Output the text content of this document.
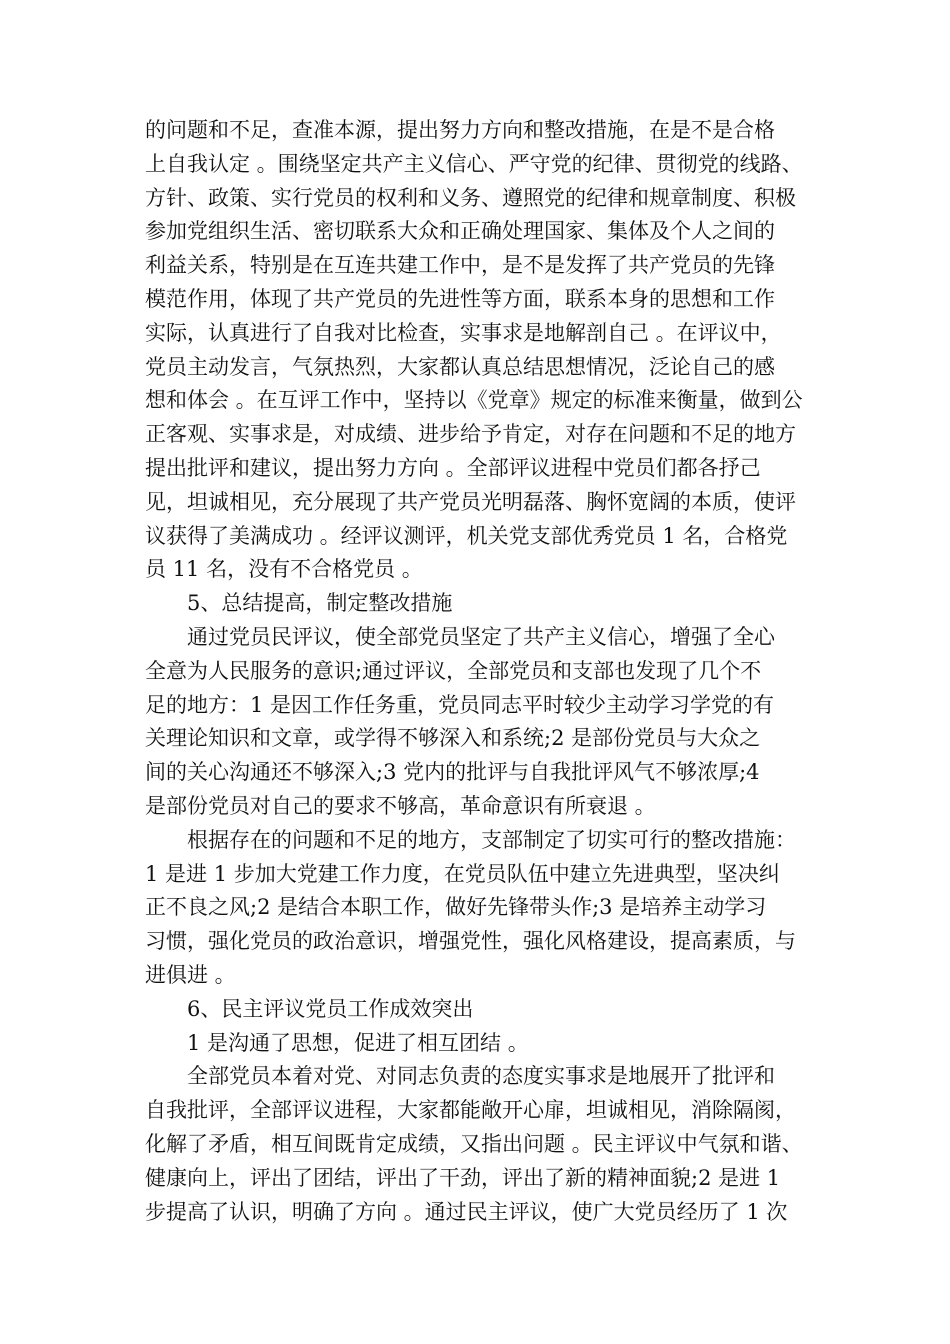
的问题和不足，查准本源，提出努力方向和整改措施，在是不是合格
上自我认定 。围绕坚定共产主义信心、严守党的纪律、贯彻党的线路、
方针、政策、实行党员的权利和义务、遵照党的纪律和规章制度、积极
参加党组织生活、密切联系大众和正确处理国家、集体及个人之间的
利益关系，特别是在互连共建工作中，是不是发挥了共产党员的先锋
模范作用，体现了共产党员的先进性等方面，联系本身的思想和工作
实际，认真进行了自我对比检查，实事求是地解剖自己 。在评议中，
党员主动发言，气氛热烈，大家都认真总结思想情况，泛论自己的感
想和体会 。在互评工作中，坚持以《党章》规定的标准来衡量，做到公
正客观、实事求是，对成绩、进步给予肯定，对存在问题和不足的地方
提出批评和建议，提出努力方向 。全部评议进程中党员们都各抒己
见，坦诚相见，充分展现了共产党员光明磊落、胸怀宽阔的本质，使评
议获得了美满成功 。经评议测评，机关党支部优秀党员 1 名，合格党
员 11 名，没有不合格党员 。
5、总结提高，制定整改措施
通过党员民评议，使全部党员坚定了共产主义信心，增强了全心
全意为人民服务的意识;通过评议，全部党员和支部也发现了几个不
足的地方：1 是因工作任务重，党员同志平时较少主动学习学党的有
关理论知识和文章，或学得不够深入和系统;2 是部份党员与大众之
间的关心沟通还不够深入;3 党内的批评与自我批评风气不够浓厚;4
是部份党员对自己的要求不够高，革命意识有所衰退 。
根据存在的问题和不足的地方，支部制定了切实可行的整改措施：
1 是进 1 步加大党建工作力度，在党员队伍中建立先进典型，坚决纠
正不良之风;2 是结合本职工作，做好先锋带头作;3 是培养主动学习
习惯，强化党员的政治意识，增强党性，强化风格建设，提高素质，与
进俱进 。
6、民主评议党员工作成效突出
1 是沟通了思想，促进了相互团结 。
全部党员本着对党、对同志负责的态度实事求是地展开了批评和
自我批评，全部评议进程，大家都能敞开心扉，坦诚相见，消除隔阂，
化解了矛盾，相互间既肯定成绩，又指出问题 。民主评议中气氛和谐、
健康向上，评出了团结，评出了干劲，评出了新的精神面貌;2 是进 1
步提高了认识，明确了方向 。通过民主评议，使广大党员经历了 1 次
